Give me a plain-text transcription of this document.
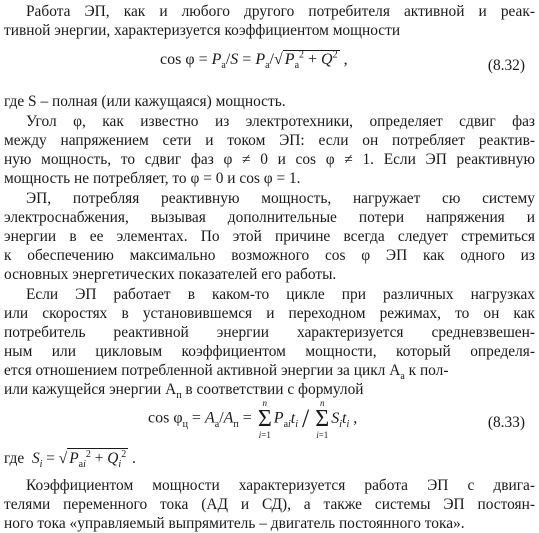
Работа ЭП, как и любого другого потребителя активной и реак-
тивной энергии, характеризуется коэффициентом мощности
$\cos \varphi = P_а/S = P_а/√$ $P_а^2 + Q^2$ ,	(8.32)
где S – полная (или кажущаяся) мощность.
Угол φ, как известно из электротехники, определяет сдвиг фаз
между напряжением сети и током ЭП: если он потребляет реактив-
ную мощность, то сдвиг фаз φ ≠ 0 и cos φ ≠ 1. Если ЭП реактивную
мощность не потребляет, то φ = 0 и cos φ = 1.
ЭП, потребляя реактивную мощность, нагружает сю систему
электроснабжения, вызывая дополнительные потери напряжения и
энергии в ее элементах. По этой причине всегда следует стремиться
к обеспечению максимально возможного cos φ ЭП как одного из
основных энергетических показателей его работы.
Если ЭП работает в каком-то цикле при различных нагрузках
или скоростях в установившемся и переходном режимах, то он как
потребитель реактивной энергии характеризуется средневзвешен-
ным или цикловым коэффициентом мощности, который определя-
ется отношением потребленной активной энергии за цикл $A_а$ к пол-
или кажущейся энергии $A_п$ в соответствии с формулой
$\cos \varphi_ц = A_а/A_п = n$
Σ
$i=1P_{аi}t_i / n$
Σ
$i=1S_it_i$ ,	(8.33)
где $S_i$ = √ $P_{аi}^2 + Q_i^2$ .
Коэффициентом мощности характеризуется работа ЭП с двига-
телями переменного тока (АД и СД), а также системы ЭП постоян-
ного тока «управляемый выпрямитель – двигатель постоянного тока».
